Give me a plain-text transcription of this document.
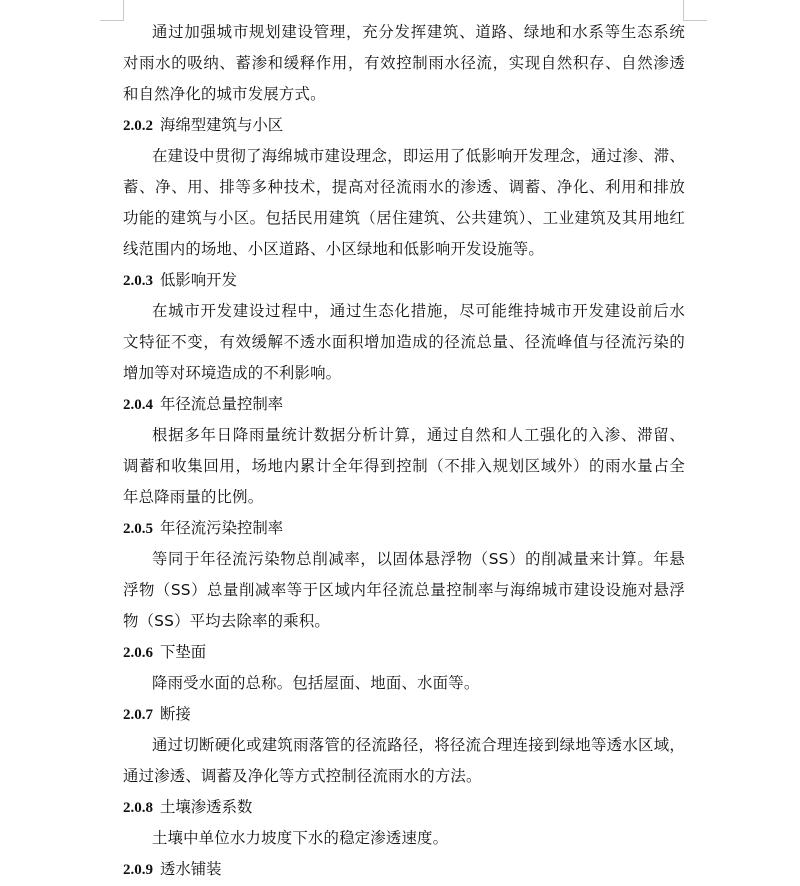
通过加强城市规划建设管理，充分发挥建筑、道路、绿地和水系等生态系统
对雨水的吸纳、蓄渗和缓释作用，有效控制雨水径流，实现自然积存、自然渗透
和自然净化的城市发展方式。
2.0.2 海绵型建筑与小区
在建设中贯彻了海绵城市建设理念，即运用了低影响开发理念，通过渗、滞、
蓄、净、用、排等多种技术，提高对径流雨水的渗透、调蓄、净化、利用和排放
功能的建筑与小区。包括民用建筑（居住建筑、公共建筑）、工业建筑及其用地红
线范围内的场地、小区道路、小区绿地和低影响开发设施等。
2.0.3 低影响开发
在城市开发建设过程中，通过生态化措施，尽可能维持城市开发建设前后水
文特征不变，有效缓解不透水面积增加造成的径流总量、径流峰值与径流污染的
增加等对环境造成的不利影响。
2.0.4 年径流总量控制率
根据多年日降雨量统计数据分析计算，通过自然和人工强化的入渗、滞留、
调蓄和收集回用，场地内累计全年得到控制（不排入规划区域外）的雨水量占全
年总降雨量的比例。
2.0.5 年径流污染控制率
等同于年径流污染物总削减率，以固体悬浮物（SS）的削减量来计算。年悬
浮物（SS）总量削减率等于区域内年径流总量控制率与海绵城市建设设施对悬浮
物（SS）平均去除率的乘积。
2.0.6 下垫面
降雨受水面的总称。包括屋面、地面、水面等。
2.0.7 断接
通过切断硬化或建筑雨落管的径流路径，将径流合理连接到绿地等透水区域，
通过渗透、调蓄及净化等方式控制径流雨水的方法。
2.0.8 土壤渗透系数
土壤中单位水力坡度下水的稳定渗透速度。
2.0.9 透水铺装
